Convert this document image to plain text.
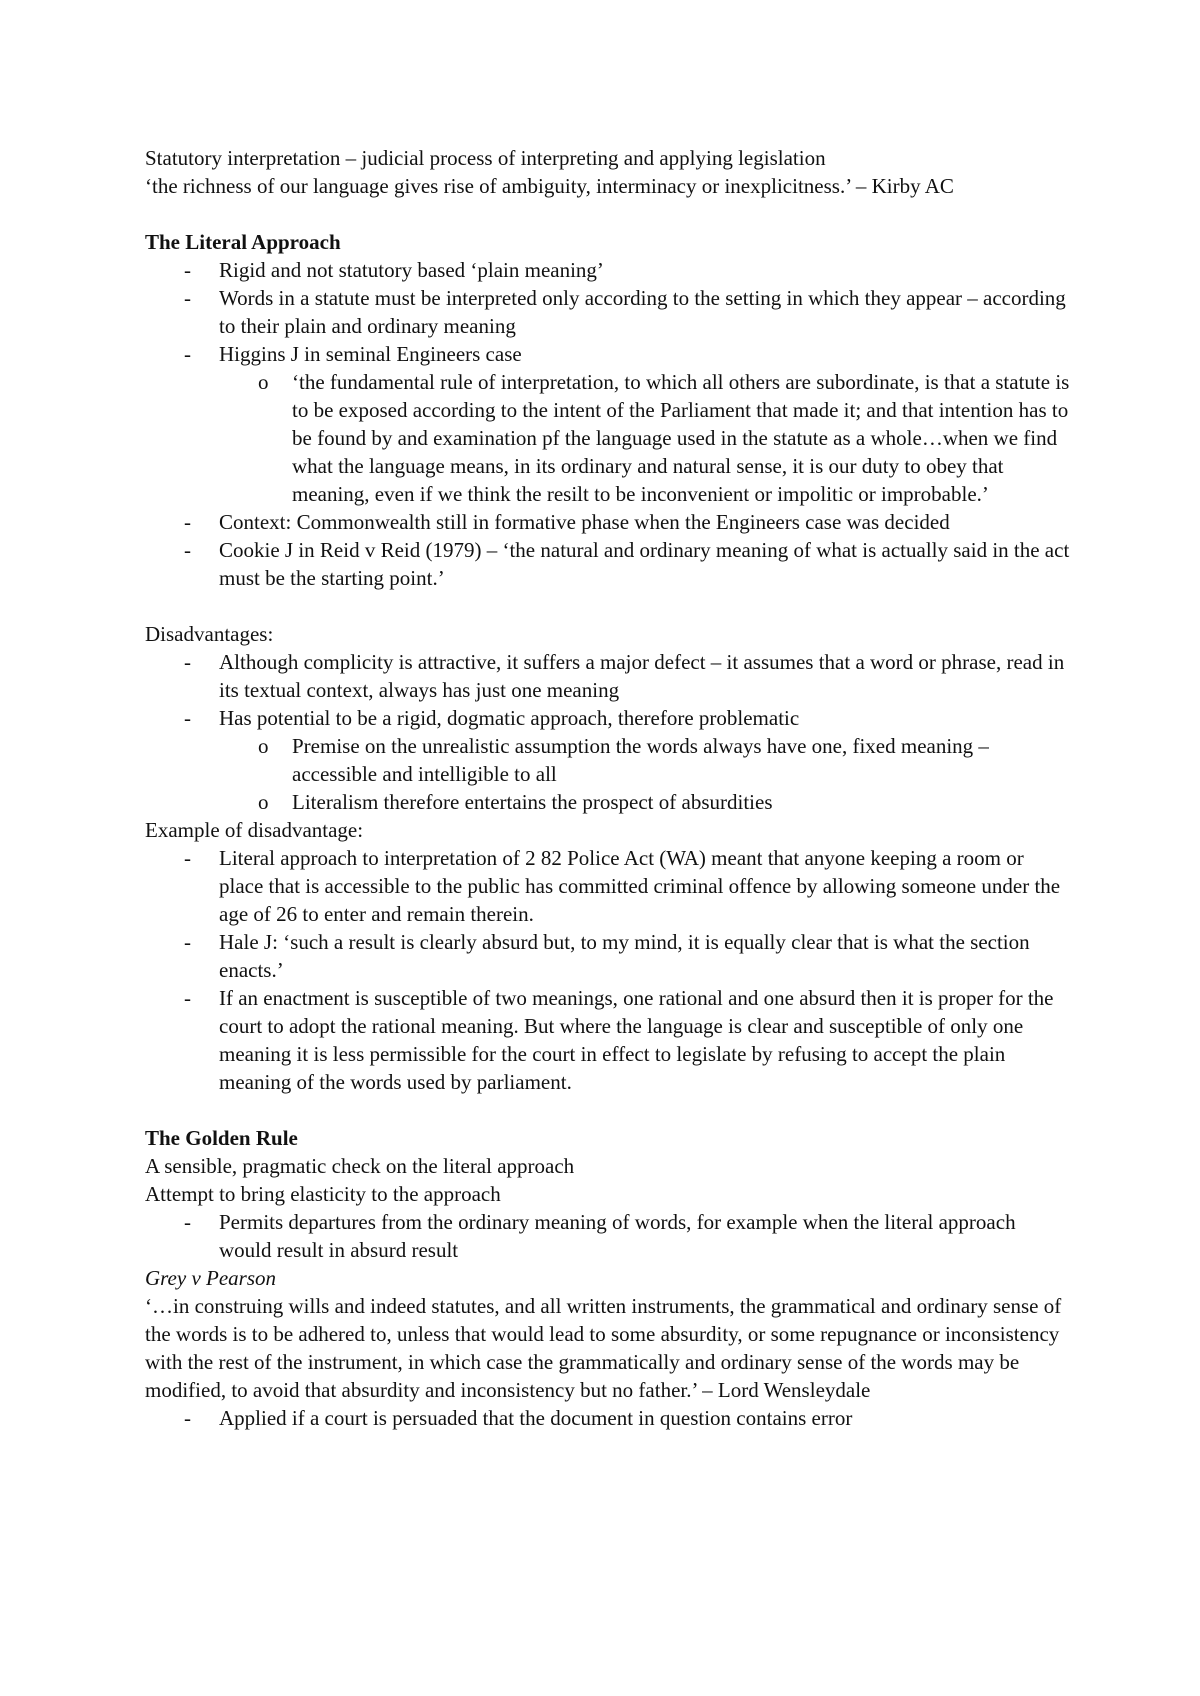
Statutory interpretation – judicial process of interpreting and applying legislation

‘the richness of our language gives rise of ambiguity, interminacy or inexplicitness.’ – Kirby AC

The Literal Approach

- Rigid and not statutory based ‘plain meaning’
- Words in a statute must be interpreted only according to the setting in which they appear – according to their plain and ordinary meaning
- Higgins J in seminal Engineers case
o ‘the fundamental rule of interpretation, to which all others are subordinate, is that a statute is to be exposed according to the intent of the Parliament that made it; and that intention has to be found by and examination pf the language used in the statute as a whole…when we find what the language means, in its ordinary and natural sense, it is our duty to obey that meaning, even if we think the resilt to be inconvenient or impolitic or improbable.’
- Context: Commonwealth still in formative phase when the Engineers case was decided
- Cookie J in Reid v Reid (1979) – ‘the natural and ordinary meaning of what is actually said in the act must be the starting point.’

Disadvantages:

- Although complicity is attractive, it suffers a major defect – it assumes that a word or phrase, read in its textual context, always has just one meaning
- Has potential to be a rigid, dogmatic approach, therefore problematic
o Premise on the unrealistic assumption the words always have one, fixed meaning – accessible and intelligible to all
o Literalism therefore entertains the prospect of absurdities

Example of disadvantage:

- Literal approach to interpretation of 2 82 Police Act (WA) meant that anyone keeping a room or place that is accessible to the public has committed criminal offence by allowing someone under the age of 26 to enter and remain therein.
- Hale J: ‘such a result is clearly absurd but, to my mind, it is equally clear that is what the section enacts.’
- If an enactment is susceptible of two meanings, one rational and one absurd then it is proper for the court to adopt the rational meaning. But where the language is clear and susceptible of only one meaning it is less permissible for the court in effect to legislate by refusing to accept the plain meaning of the words used by parliament.

The Golden Rule

A sensible, pragmatic check on the literal approach

Attempt to bring elasticity to the approach

- Permits departures from the ordinary meaning of words, for example when the literal approach would result in absurd result

Grey v Pearson

‘…in construing wills and indeed statutes, and all written instruments, the grammatical and ordinary sense of the words is to be adhered to, unless that would lead to some absurdity, or some repugnance or inconsistency with the rest of the instrument, in which case the grammatically and ordinary sense of the words may be modified, to avoid that absurdity and inconsistency but no father.’ – Lord Wensleydale

- Applied if a court is persuaded that the document in question contains error
